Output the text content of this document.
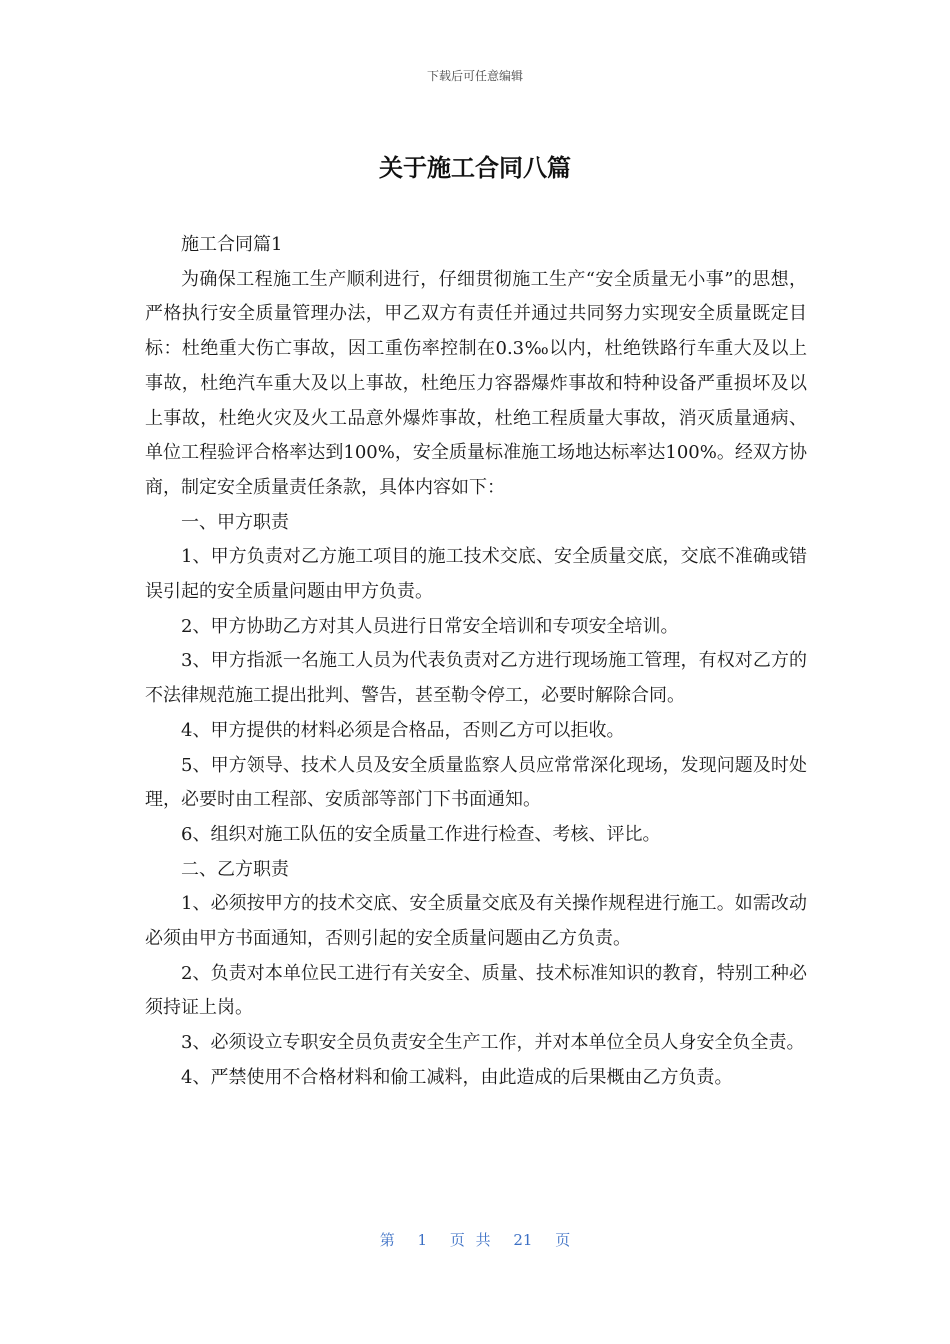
下载后可任意编辑
关于施工合同八篇

施工合同篇1

为确保工程施工生产顺利进行，仔细贯彻施工生产“安全质量无小事”的思想，严格执行安全质量管理办法，甲乙双方有责任并通过共同努力实现安全质量既定目标：杜绝重大伤亡事故，因工重伤率控制在0.3‰以内，杜绝铁路行车重大及以上事故，杜绝汽车重大及以上事故，杜绝压力容器爆炸事故和特种设备严重损坏及以上事故，杜绝火灾及火工品意外爆炸事故，杜绝工程质量大事故，消灭质量通病、单位工程验评合格率达到100%，安全质量标准施工场地达标率达100%。经双方协商，制定安全质量责任条款，具体内容如下：

一、甲方职责

1、甲方负责对乙方施工项目的施工技术交底、安全质量交底，交底不准确或错误引起的安全质量问题由甲方负责。

2、甲方协助乙方对其人员进行日常安全培训和专项安全培训。

3、甲方指派一名施工人员为代表负责对乙方进行现场施工管理，有权对乙方的不法律规范施工提出批判、警告，甚至勒令停工，必要时解除合同。

4、甲方提供的材料必须是合格品，否则乙方可以拒收。

5、甲方领导、技术人员及安全质量监察人员应常常深化现场，发现问题及时处理，必要时由工程部、安质部等部门下书面通知。

6、组织对施工队伍的安全质量工作进行检查、考核、评比。

二、乙方职责

1、必须按甲方的技术交底、安全质量交底及有关操作规程进行施工。如需改动必须由甲方书面通知，否则引起的安全质量问题由乙方负责。

2、负责对本单位民工进行有关安全、质量、技术标准知识的教育，特别工种必须持证上岗。

3、必须设立专职安全员负责安全生产工作，并对本单位全员人身安全负全责。

4、严禁使用不合格材料和偷工减料，由此造成的后果概由乙方负责。

第 1 页 共 21 页
